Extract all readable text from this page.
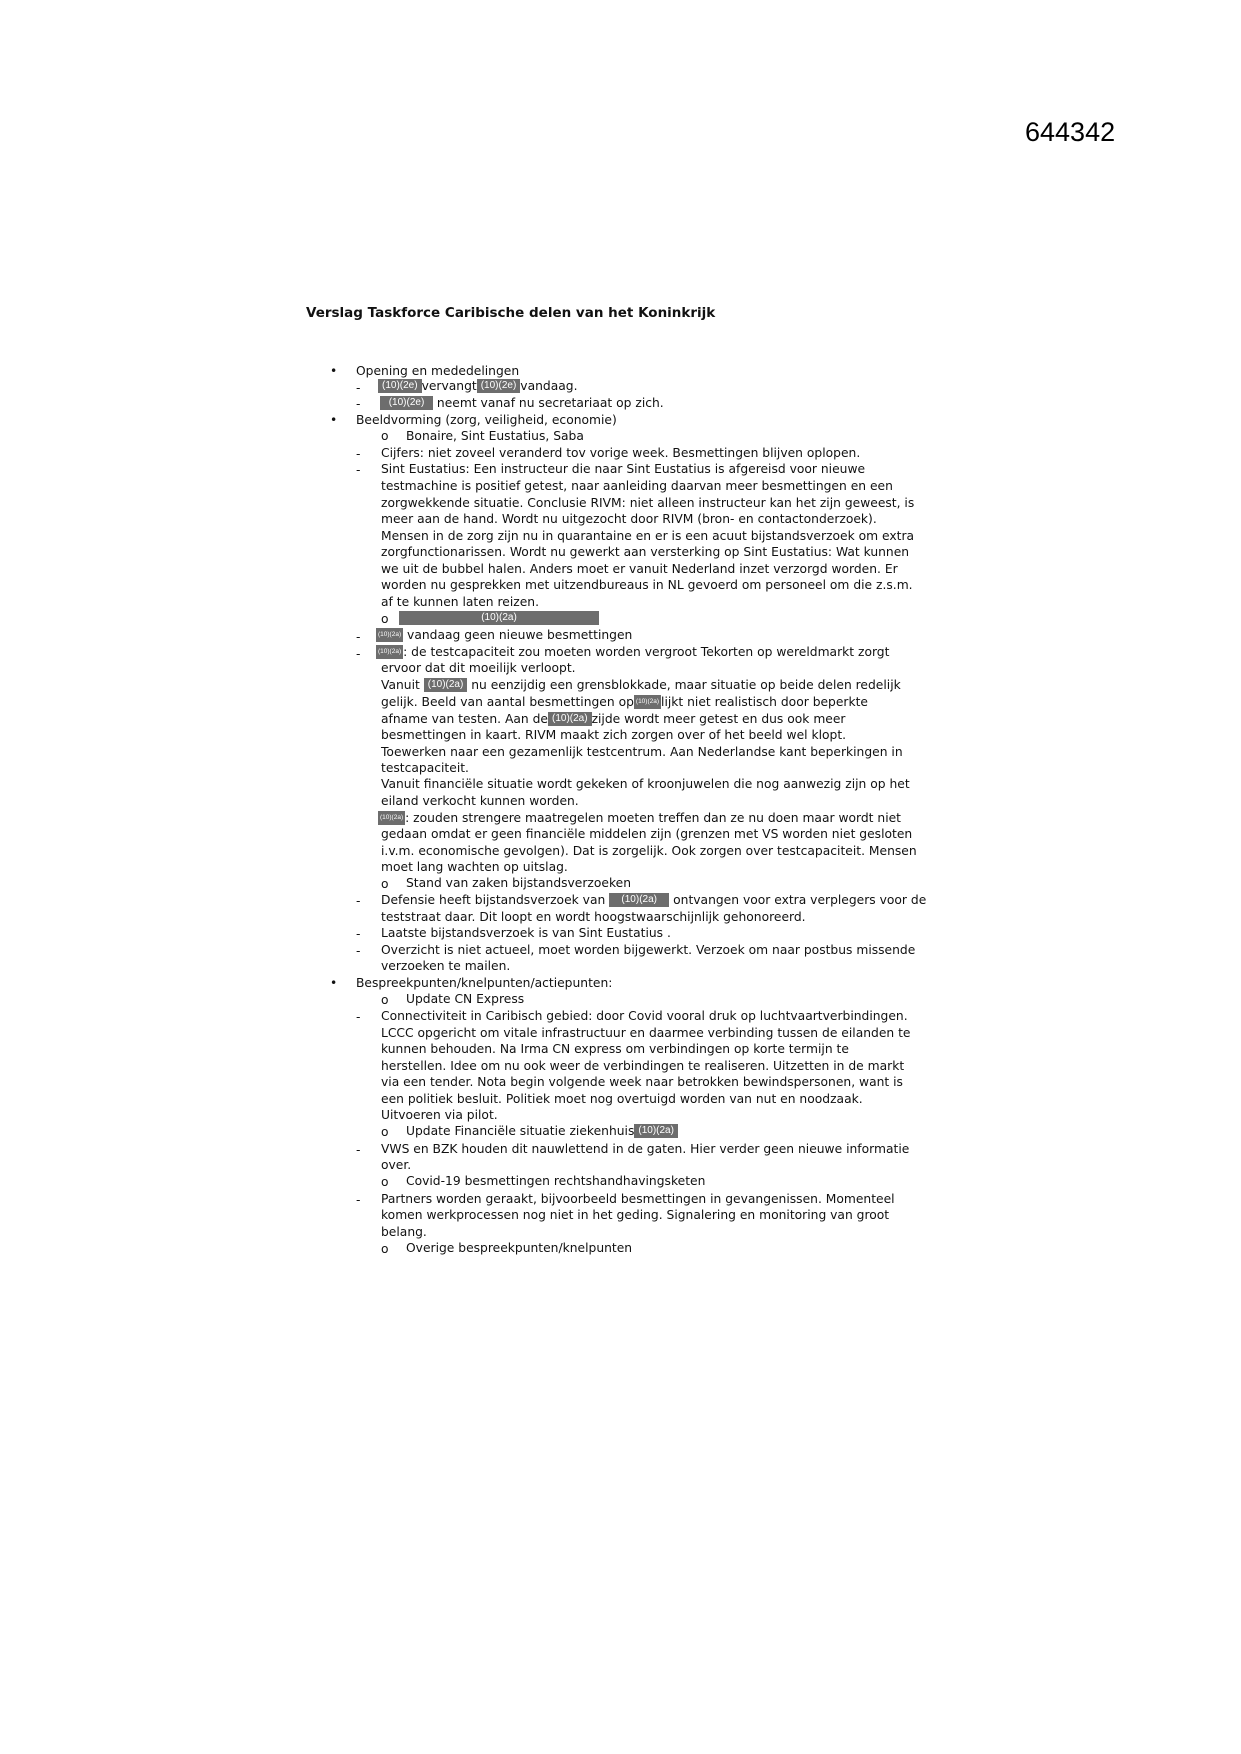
644342
Verslag Taskforce Caribische delen van het Koninkrijk
• Opening en mededelingen
-	(10)(2e) vervangt (10)(2e) vandaag.
-	(10)(2e) neemt vanaf nu secretariaat op zich.
• Beeldvorming (zorg, veiligheid, economie)
o Bonaire, Sint Eustatius, Saba
- Cijfers: niet zoveel veranderd tov vorige week. Besmettingen blijven oplopen.
- Sint Eustatius: Een instructeur die naar Sint Eustatius is afgereisd voor nieuwe
testmachine is positief getest, naar aanleiding daarvan meer besmettingen en een
zorgwekkende situatie. Conclusie RIVM: niet alleen instructeur kan het zijn geweest, is
meer aan de hand. Wordt nu uitgezocht door RIVM (bron- en contactonderzoek).
Mensen in de zorg zijn nu in quarantaine en er is een acuut bijstandsverzoek om extra
zorgfunctionarissen. Wordt nu gewerkt aan versterking op Sint Eustatius: Wat kunnen
we uit de bubbel halen. Anders moet er vanuit Nederland inzet verzorgd worden. Er
worden nu gesprekken met uitzendbureaus in NL gevoerd om personeel om die z.s.m.
af te kunnen laten reizen.
o	(10)(2a)
-	(10)(2a) vandaag geen nieuwe besmettingen
-	(10)(2a) : de testcapaciteit zou moeten worden vergroot Tekorten op wereldmarkt zorgt
ervoor dat dit moeilijk verloopt.
Vanuit (10)(2a) nu eenzijdig een grensblokkade, maar situatie op beide delen redelijk
gelijk. Beeld van aantal besmettingen op (10)(2a) lijkt niet realistisch door beperkte
afname van testen. Aan de (10)(2a) zijde wordt meer getest en dus ook meer
besmettingen in kaart. RIVM maakt zich zorgen over of het beeld wel klopt.
Toewerken naar een gezamenlijk testcentrum. Aan Nederlandse kant beperkingen in
testcapaciteit.
Vanuit financiële situatie wordt gekeken of kroonjuwelen die nog aanwezig zijn op het
eiland verkocht kunnen worden.
(10)(2a) : zouden strengere maatregelen moeten treffen dan ze nu doen maar wordt niet
gedaan omdat er geen financiële middelen zijn (grenzen met VS worden niet gesloten
i.v.m. economische gevolgen). Dat is zorgelijk. Ook zorgen over testcapaciteit. Mensen
moet lang wachten op uitslag.
o Stand van zaken bijstandsverzoeken
- Defensie heeft bijstandsverzoek van (10)(2a) ontvangen voor extra verplegers voor de
teststraat daar. Dit loopt en wordt hoogstwaarschijnlijk gehonoreerd.
- Laatste bijstandsverzoek is van Sint Eustatius .
- Overzicht is niet actueel, moet worden bijgewerkt. Verzoek om naar postbus missende
verzoeken te mailen.
• Bespreekpunten/knelpunten/actiepunten:
o Update CN Express
- Connectiviteit in Caribisch gebied: door Covid vooral druk op luchtvaartverbindingen.
LCCC opgericht om vitale infrastructuur en daarmee verbinding tussen de eilanden te
kunnen behouden. Na Irma CN express om verbindingen op korte termijn te
herstellen. Idee om nu ook weer de verbindingen te realiseren. Uitzetten in de markt
via een tender. Nota begin volgende week naar betrokken bewindspersonen, want is
een politiek besluit. Politiek moet nog overtuigd worden van nut en noodzaak.
Uitvoeren via pilot.
o Update Financiële situatie ziekenhuis (10)(2a)
- VWS en BZK houden dit nauwlettend in de gaten. Hier verder geen nieuwe informatie
over.
o Covid-19 besmettingen rechtshandhavingsketen
- Partners worden geraakt, bijvoorbeeld besmettingen in gevangenissen. Momenteel
komen werkprocessen nog niet in het geding. Signalering en monitoring van groot
belang.
o Overige bespreekpunten/knelpunten
